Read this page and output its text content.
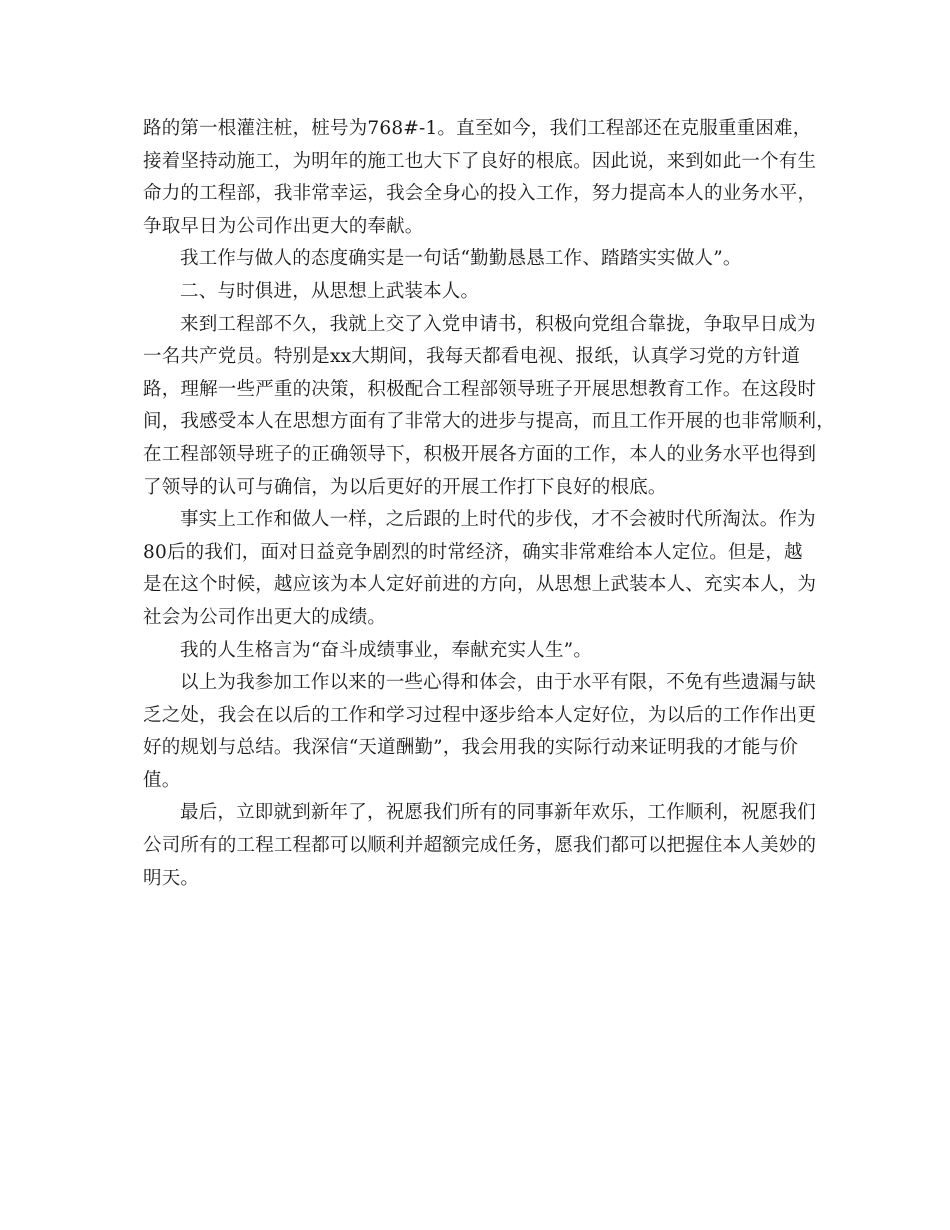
路的第一根灌注桩，桩号为768#-1。直至如今，我们工程部还在克服重重困难，
接着坚持动施工，为明年的施工也大下了良好的根底。因此说，来到如此一个有生
命力的工程部，我非常幸运，我会全身心的投入工作，努力提高本人的业务水平，
争取早日为公司作出更大的奉献。

我工作与做人的态度确实是一句话“勤勤恳恳工作、踏踏实实做人”。

二、与时俱进，从思想上武装本人。

来到工程部不久，我就上交了入党申请书，积极向党组合靠拢，争取早日成为
一名共产党员。特别是xx大期间，我每天都看电视、报纸，认真学习党的方针道
路，理解一些严重的决策，积极配合工程部领导班子开展思想教育工作。在这段时
间，我感受本人在思想方面有了非常大的进步与提高，而且工作开展的也非常顺利，
在工程部领导班子的正确领导下，积极开展各方面的工作，本人的业务水平也得到
了领导的认可与确信，为以后更好的开展工作打下良好的根底。

事实上工作和做人一样，之后跟的上时代的步伐，才不会被时代所淘汰。作为
80后的我们，面对日益竞争剧烈的时常经济，确实非常难给本人定位。但是，越
是在这个时候，越应该为本人定好前进的方向，从思想上武装本人、充实本人，为
社会为公司作出更大的成绩。

我的人生格言为“奋斗成绩事业，奉献充实人生”。

以上为我参加工作以来的一些心得和体会，由于水平有限，不免有些遗漏与缺
乏之处，我会在以后的工作和学习过程中逐步给本人定好位，为以后的工作作出更
好的规划与总结。我深信“天道酬勤”，我会用我的实际行动来证明我的才能与价
值。

最后，立即就到新年了，祝愿我们所有的同事新年欢乐，工作顺利，祝愿我们
公司所有的工程工程都可以顺利并超额完成任务，愿我们都可以把握住本人美妙的
明天。
